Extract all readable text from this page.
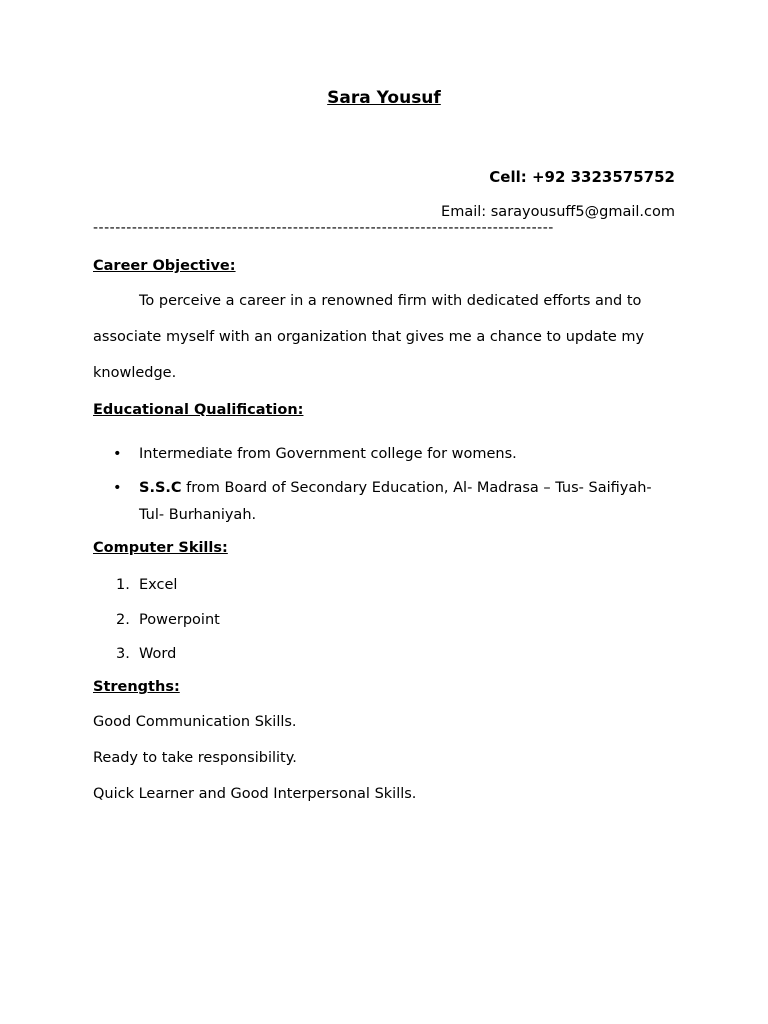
Sara Yousuf
Cell: +92 3323575752
Email: sarayousuff5@gmail.com
-----------------------------------------------------------------------------------
Career Objective:
To perceive a career in a renowned firm with dedicated efforts and to associate myself with an organization that gives me a chance to update my knowledge.
Educational Qualification:
• Intermediate from Government college for womens.
• S.S.C from Board of Secondary Education, Al- Madrasa – Tus- Saifiyah- Tul- Burhaniyah.
Computer Skills:
1. Excel
2. Powerpoint
3. Word
Strengths:
Good Communication Skills.
Ready to take responsibility.
Quick Learner and Good Interpersonal Skills.
